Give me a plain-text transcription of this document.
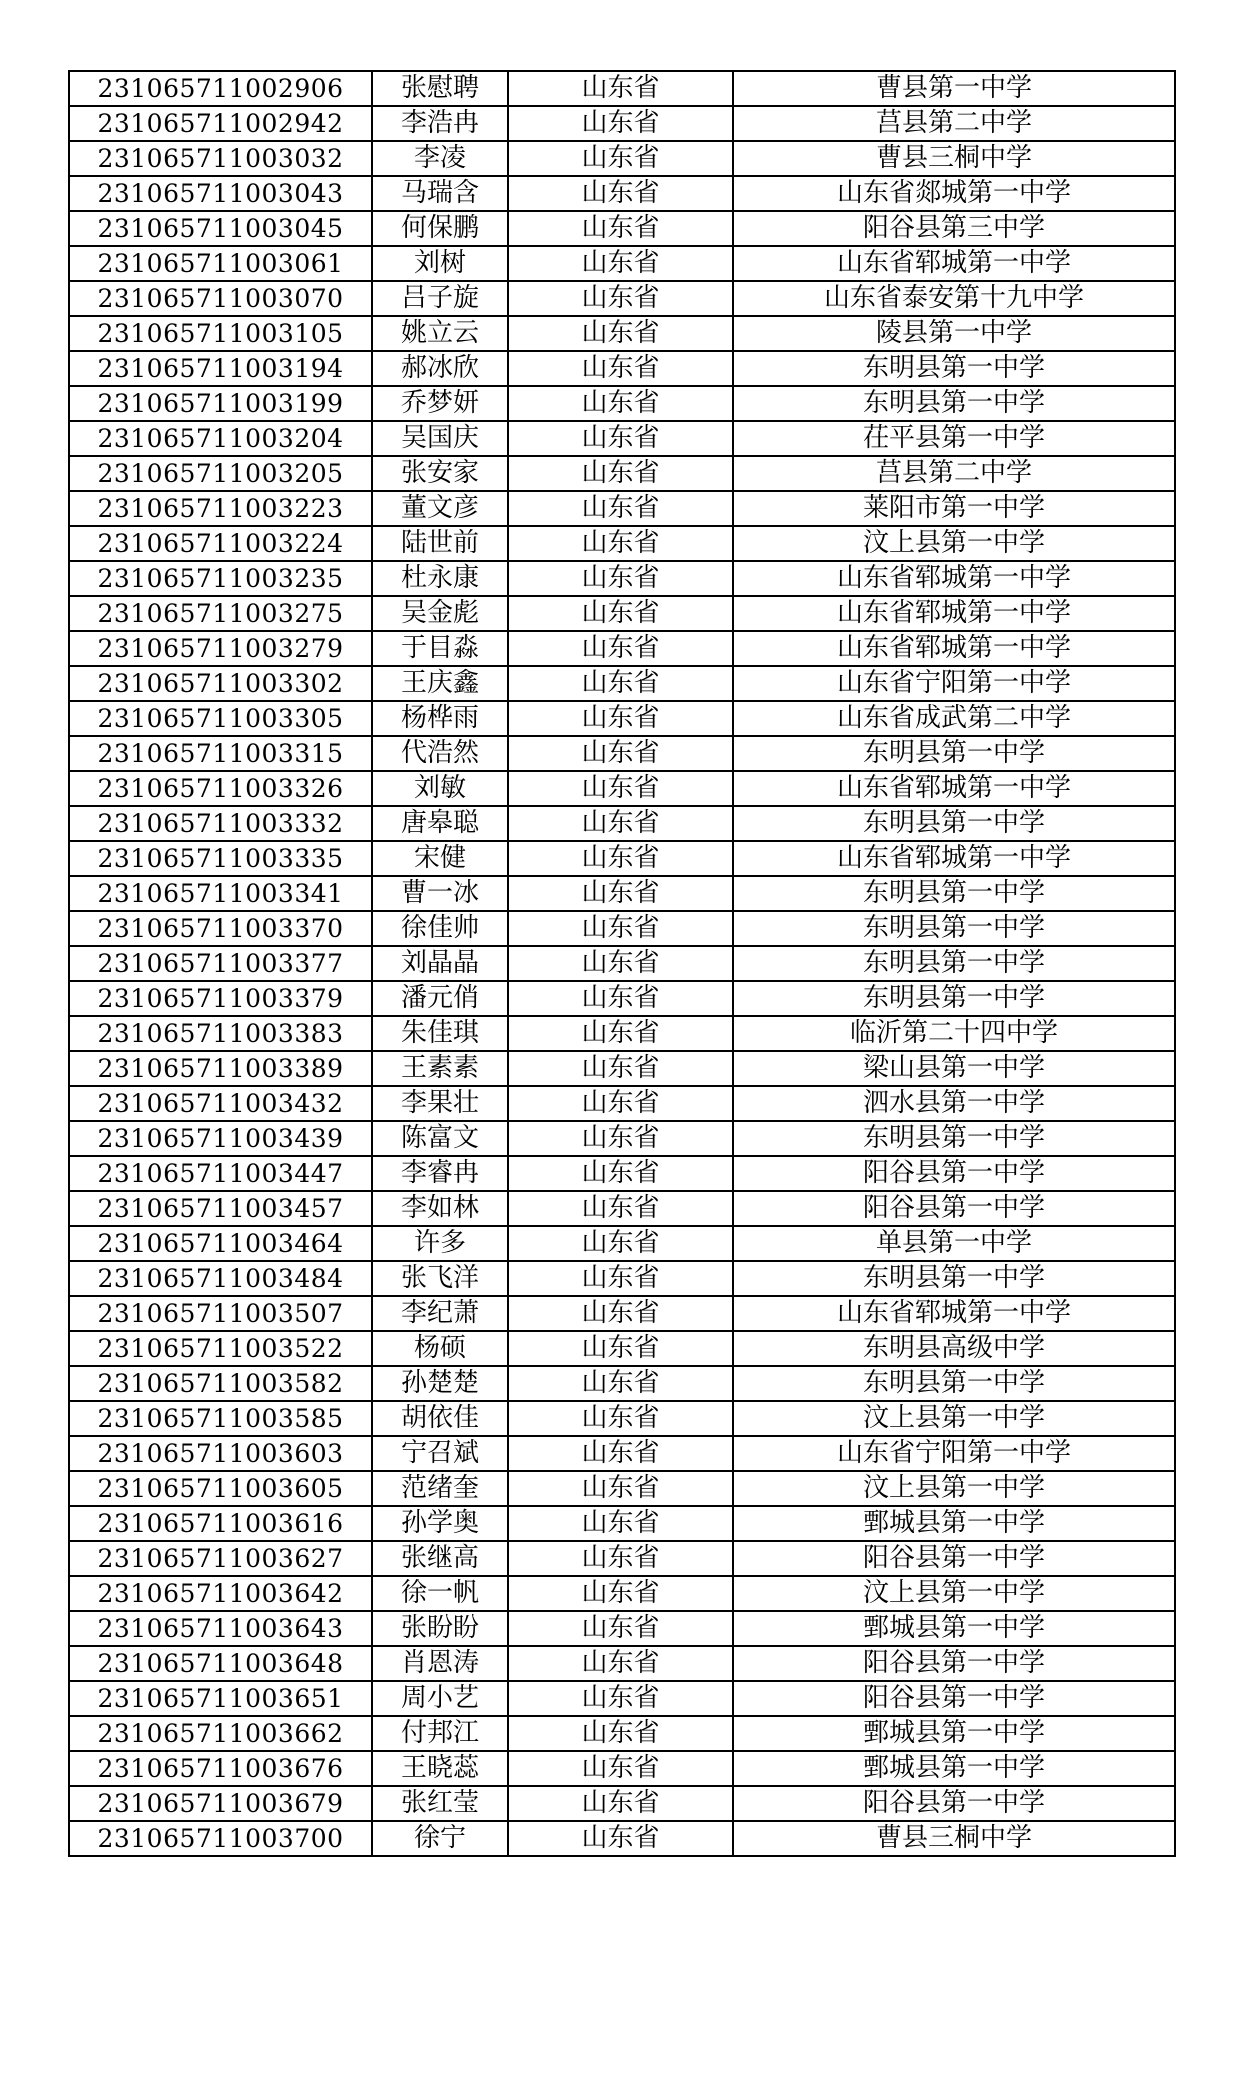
231065711002906	张慰聘	山东省	曹县第一中学
231065711002942	李浩冉	山东省	莒县第二中学
231065711003032	李凌	山东省	曹县三桐中学
231065711003043	马瑞含	山东省	山东省郯城第一中学
231065711003045	何保鹏	山东省	阳谷县第三中学
231065711003061	刘树	山东省	山东省郓城第一中学
231065711003070	吕子旋	山东省	山东省泰安第十九中学
231065711003105	姚立云	山东省	陵县第一中学
231065711003194	郝冰欣	山东省	东明县第一中学
231065711003199	乔梦妍	山东省	东明县第一中学
231065711003204	吴国庆	山东省	茌平县第一中学
231065711003205	张安家	山东省	莒县第二中学
231065711003223	董文彦	山东省	莱阳市第一中学
231065711003224	陆世前	山东省	汶上县第一中学
231065711003235	杜永康	山东省	山东省郓城第一中学
231065711003275	吴金彪	山东省	山东省郓城第一中学
231065711003279	于目淼	山东省	山东省郓城第一中学
231065711003302	王庆鑫	山东省	山东省宁阳第一中学
231065711003305	杨桦雨	山东省	山东省成武第二中学
231065711003315	代浩然	山东省	东明县第一中学
231065711003326	刘敏	山东省	山东省郓城第一中学
231065711003332	唐皋聪	山东省	东明县第一中学
231065711003335	宋健	山东省	山东省郓城第一中学
231065711003341	曹一冰	山东省	东明县第一中学
231065711003370	徐佳帅	山东省	东明县第一中学
231065711003377	刘晶晶	山东省	东明县第一中学
231065711003379	潘元俏	山东省	东明县第一中学
231065711003383	朱佳琪	山东省	临沂第二十四中学
231065711003389	王素素	山东省	梁山县第一中学
231065711003432	李果壮	山东省	泗水县第一中学
231065711003439	陈富文	山东省	东明县第一中学
231065711003447	李睿冉	山东省	阳谷县第一中学
231065711003457	李如林	山东省	阳谷县第一中学
231065711003464	许多	山东省	单县第一中学
231065711003484	张飞洋	山东省	东明县第一中学
231065711003507	李纪萧	山东省	山东省郓城第一中学
231065711003522	杨硕	山东省	东明县高级中学
231065711003582	孙楚楚	山东省	东明县第一中学
231065711003585	胡依佳	山东省	汶上县第一中学
231065711003603	宁召斌	山东省	山东省宁阳第一中学
231065711003605	范绪奎	山东省	汶上县第一中学
231065711003616	孙学奥	山东省	鄄城县第一中学
231065711003627	张继高	山东省	阳谷县第一中学
231065711003642	徐一帆	山东省	汶上县第一中学
231065711003643	张盼盼	山东省	鄄城县第一中学
231065711003648	肖恩涛	山东省	阳谷县第一中学
231065711003651	周小艺	山东省	阳谷县第一中学
231065711003662	付邦江	山东省	鄄城县第一中学
231065711003676	王晓蕊	山东省	鄄城县第一中学
231065711003679	张红莹	山东省	阳谷县第一中学
231065711003700	徐宁	山东省	曹县三桐中学
